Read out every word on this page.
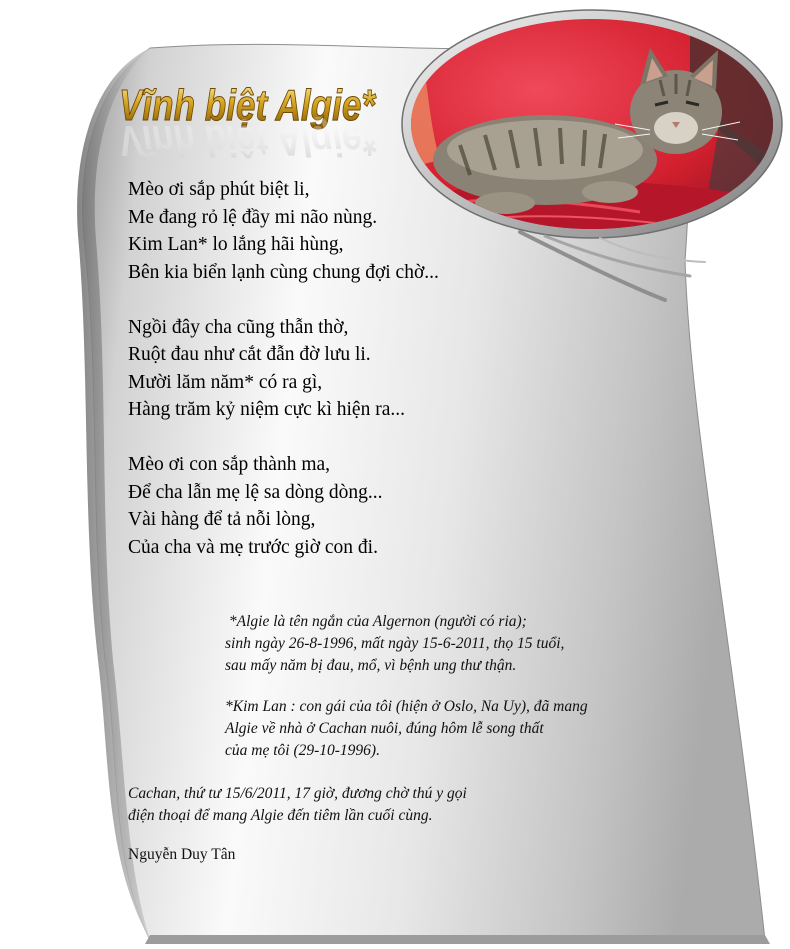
Vĩnh biệt Algie*
Vĩnh biệt Algie*
Mèo ơi sắp phút biệt li,
Me đang rỏ lệ đầy mi não nùng.
Kim Lan* lo lắng hãi hùng,
Bên kia biển lạnh cùng chung đợi chờ...
Ngồi đây cha cũng thẫn thờ,
Ruột đau như cắt đẫn đờ lưu li.
Mười lăm năm* có ra gì,
Hàng trăm kỷ niệm cực kì hiện ra...
Mèo ơi con sắp thành ma,
Để cha lẫn mẹ lệ sa dòng dòng...
Vài hàng để tả nỗi lòng,
Của cha và mẹ trước giờ con đi.
*Algie là tên ngắn của Algernon (người có ria);
sinh ngày 26-8-1996, mất ngày 15-6-2011, thọ 15 tuổi,
sau mấy năm bị đau, mổ, vì bệnh ung thư thận.
*Kim Lan : con gái của tôi (hiện ở Oslo, Na Uy), đã mang
Algie về nhà ở Cachan nuôi, đúng hôm lễ song thất
của mẹ tôi (29-10-1996).
Cachan, thứ tư 15/6/2011, 17 giờ, đương chờ thú y gọi
điện thoại để mang Algie đến tiêm lần cuối cùng.
Nguyễn Duy Tân
